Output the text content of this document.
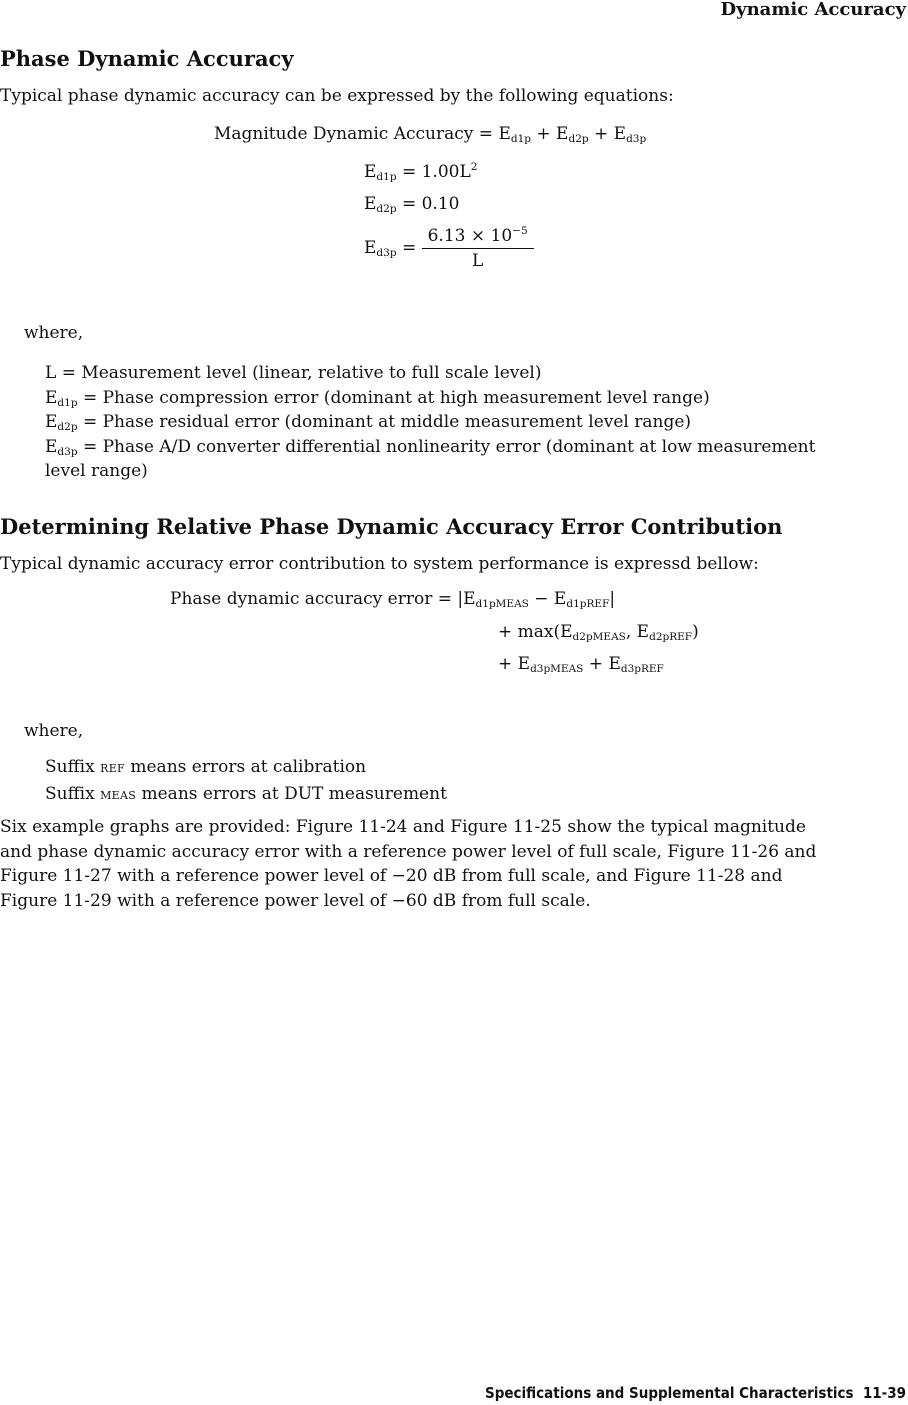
Dynamic Accuracy
Phase Dynamic Accuracy
Typical phase dynamic accuracy can be expressed by the following equations:
Magnitude Dynamic Accuracy = $E_{d1p} + E_{d2p} + E_{d3p}$
$E_{d1p} = 1.00L^2$
$E_{d2p} = 0.10$
$E_{d3p} = \frac{6.13 \times 10^{-5}}{L}$
where,
L = Measurement level (linear, relative to full scale level)
$E_{d1p}$ = Phase compression error (dominant at high measurement level range)
$E_{d2p}$ = Phase residual error (dominant at middle measurement level range)
$E_{d3p}$ = Phase A/D converter differential nonlinearity error (dominant at low measurement
level range)
Determining Relative Phase Dynamic Accuracy Error Contribution
Typical dynamic accuracy error contribution to system performance is expressd bellow:
Phase dynamic accuracy error = $|E_{d1pMEAS} - E_{d1pREF}|$
+ $\max(E_{d2pMEAS}$, $E_{d2pREF}$)
+ $E_{d3pMEAS} + E_{d3pREF}$
where,
Suffix REF means errors at calibration
Suffix MEAS means errors at DUT measurement
Six example graphs are provided: Figure 11-24 and Figure 11-25 show the typical magnitude
and phase dynamic accuracy error with a reference power level of full scale, Figure 11-26 and
Figure 11-27 with a reference power level of −20 dB from full scale, and Figure 11-28 and
Figure 11-29 with a reference power level of −60 dB from full scale.
Specifications and Supplemental Characteristics 11-39
